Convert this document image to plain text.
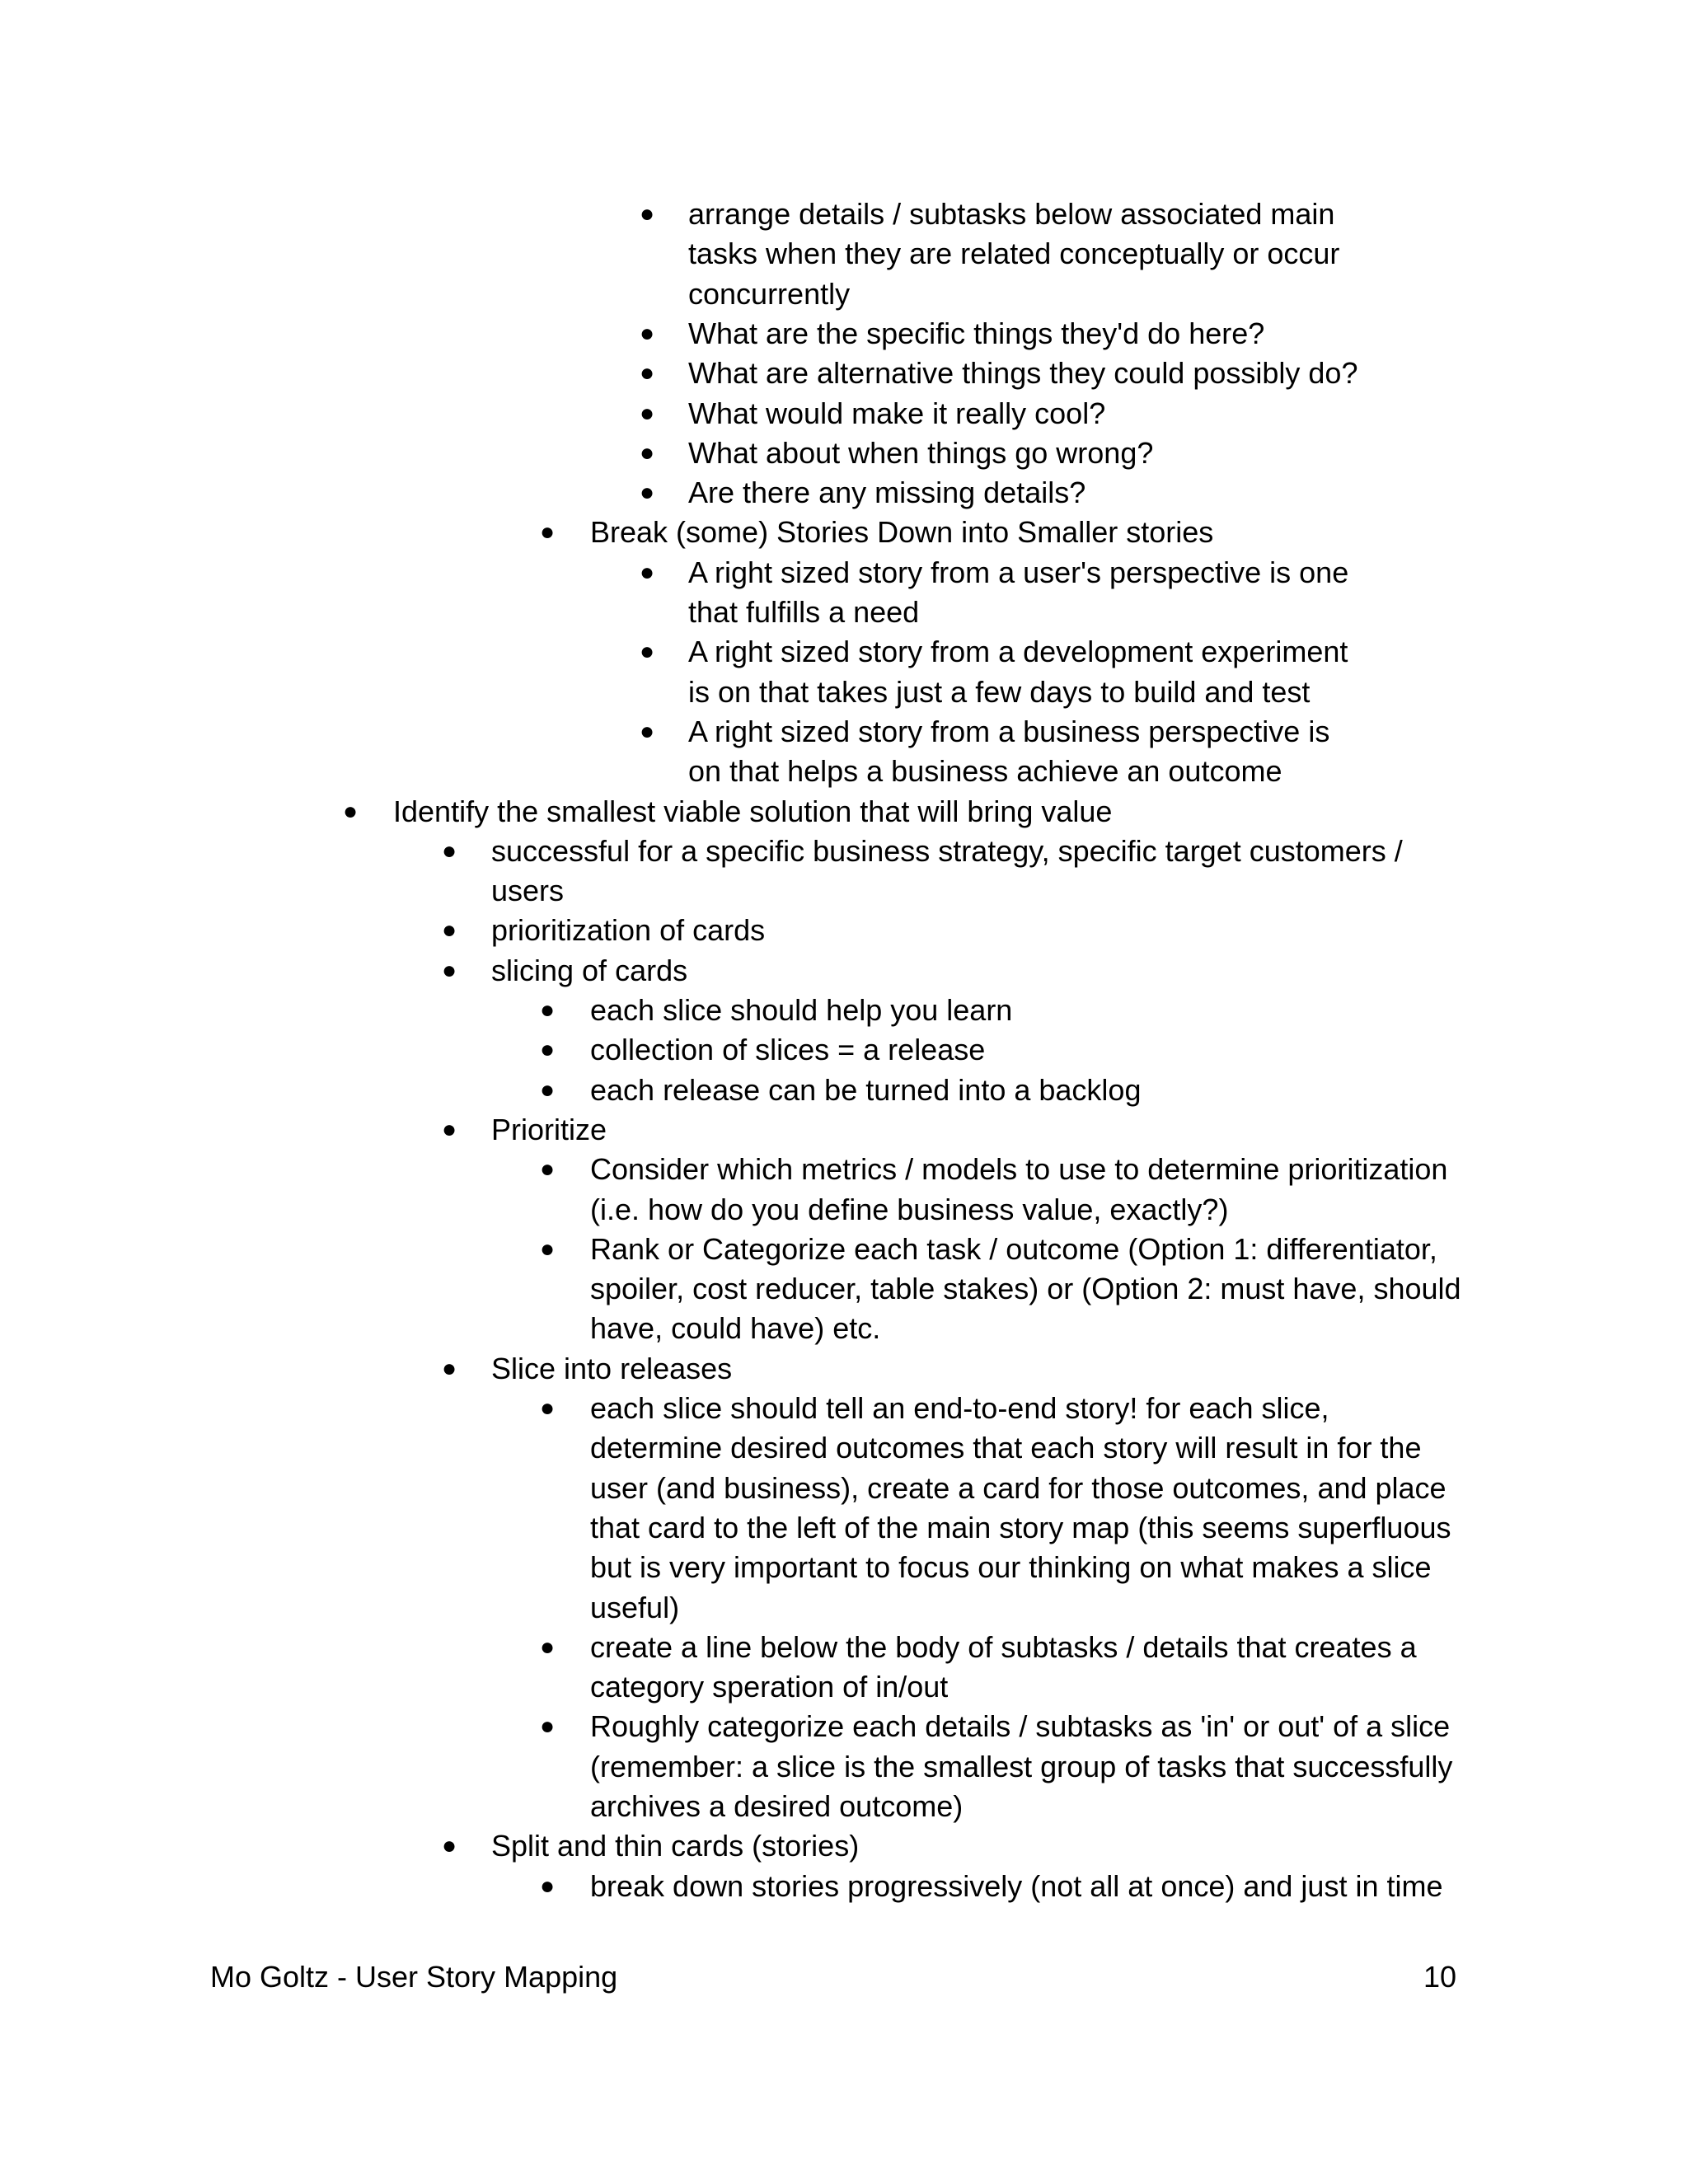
● arrange details / subtasks below associated main
tasks when they are related conceptually or occur
concurrently
● What are the specific things they'd do here?
● What are alternative things they could possibly do?
● What would make it really cool?
● What about when things go wrong?
● Are there any missing details?
● Break (some) Stories Down into Smaller stories
● A right sized story from a user's perspective is one
that fulfills a need
● A right sized story from a development experiment
is on that takes just a few days to build and test
● A right sized story from a business perspective is
on that helps a business achieve an outcome
● Identify the smallest viable solution that will bring value
● successful for a specific business strategy, specific target customers /
users
● prioritization of cards
● slicing of cards
● each slice should help you learn
● collection of slices = a release
● each release can be turned into a backlog
● Prioritize
● Consider which metrics / models to use to determine prioritization
(i.e. how do you define business value, exactly?)
● Rank or Categorize each task / outcome (Option 1: differentiator,
spoiler, cost reducer, table stakes) or (Option 2: must have, should
have, could have) etc.
● Slice into releases
● each slice should tell an end-to-end story! for each slice,
determine desired outcomes that each story will result in for the
user (and business), create a card for those outcomes, and place
that card to the left of the main story map (this seems superfluous
but is very important to focus our thinking on what makes a slice
useful)
● create a line below the body of subtasks / details that creates a
category speration of in/out
● Roughly categorize each details / subtasks as 'in' or out' of a slice
(remember: a slice is the smallest group of tasks that successfully
archives a desired outcome)
● Split and thin cards (stories)
● break down stories progressively (not all at once) and just in time
Mo Goltz - User Story Mapping	10
